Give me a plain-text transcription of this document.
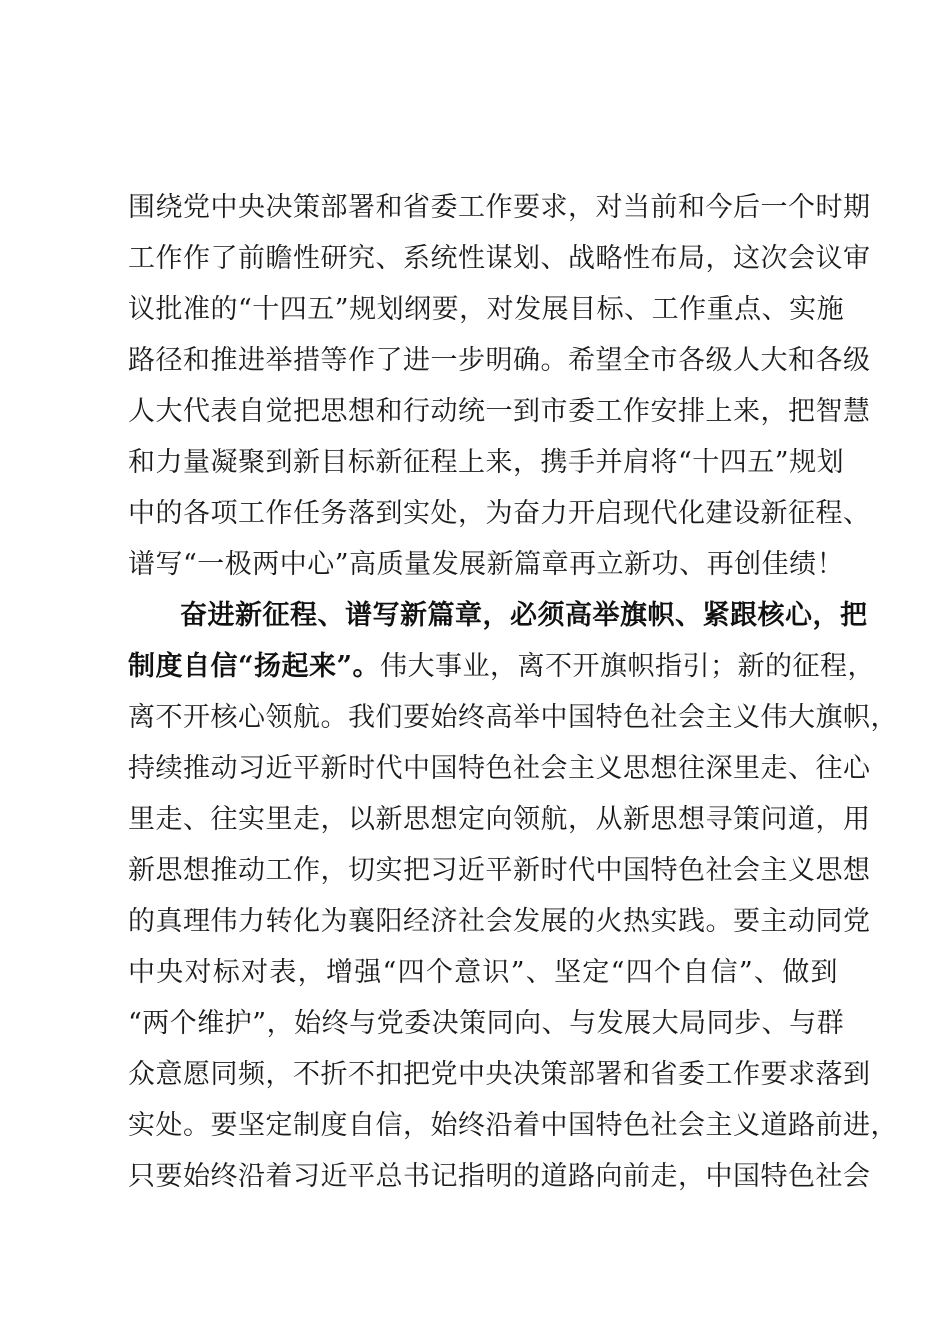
围绕党中央决策部署和省委工作要求，对当前和今后一个时期
工作作了前瞻性研究、系统性谋划、战略性布局，这次会议审
议批准的“十四五”规划纲要，对发展目标、工作重点、实施
路径和推进举措等作了进一步明确。希望全市各级人大和各级
人大代表自觉把思想和行动统一到市委工作安排上来，把智慧
和力量凝聚到新目标新征程上来，携手并肩将“十四五”规划
中的各项工作任务落到实处，为奋力开启现代化建设新征程、
谱写“一极两中心”高质量发展新篇章再立新功、再创佳绩！
奋进新征程、谱写新篇章，必须高举旗帜、紧跟核心，把
制度自信“扬起来”。伟大事业，离不开旗帜指引；新的征程，
离不开核心领航。我们要始终高举中国特色社会主义伟大旗帜，
持续推动习近平新时代中国特色社会主义思想往深里走、往心
里走、往实里走，以新思想定向领航，从新思想寻策问道，用
新思想推动工作，切实把习近平新时代中国特色社会主义思想
的真理伟力转化为襄阳经济社会发展的火热实践。要主动同党
中央对标对表，增强“四个意识”、坚定“四个自信”、做到
“两个维护”，始终与党委决策同向、与发展大局同步、与群
众意愿同频，不折不扣把党中央决策部署和省委工作要求落到
实处。要坚定制度自信，始终沿着中国特色社会主义道路前进，
只要始终沿着习近平总书记指明的道路向前走，中国特色社会
